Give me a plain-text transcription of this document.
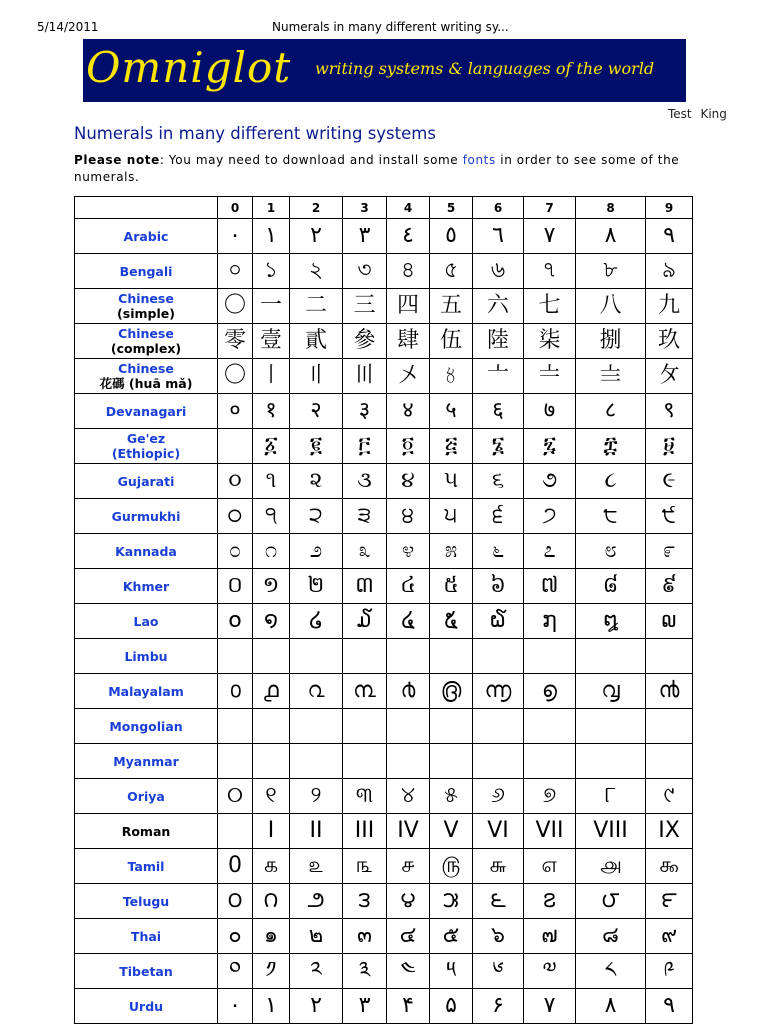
5/14/2011	Numerals in many different writing sy...
Omniglot writing systems & languages of the world
Test King
Numerals in many different writing systems
Please note: You may need to download and install some fonts in order to see some of the numerals.
	0	1	2	3	4	5	6	7	8	9

Arabic	٠	١	٢	٣	٤	٥	٦	٧	٨	٩

Bengali	০	১	২	৩	৪	৫	৬	৭	৮	৯

Chinese
(simple)	〇	一	二	三	四	五	六	七	八	九

Chinese
(complex)	零	壹	貳	參	肆	伍	陸	柒	捌	玖

Chinese
花碼 (huā mǎ)	〇	〡	〢	〣	〤	〥	〦	〧	〨	〩

Devanagari	०	१	२	३	४	५	६	७	८	९

Ge'ez
(Ethiopic)		፩	፪	፫	፬	፭	፮	፯	፰	፱

Gujarati	૦	૧	૨	૩	૪	૫	૬	૭	૮	૯

Gurmukhi	੦	੧	੨	੩	੪	੫	੬	੭	੮	੯

Kannada	೦	೧	೨	೩	೪	೫	೬	೭	೮	೯

Khmer	០	១	២	៣	៤	៥	៦	៧	៨	៩

Lao	໐	໑	໒	໓	໔	໕	໖	໗	໘	໙

Limbu										

Malayalam	൦	൧	൨	൩	൪	൫	൬	൭	൮	൯

Mongolian										

Myanmar										

Oriya	୦	୧	୨	୩	୪	୫	୬	୭	୮	୯

Roman		I	II	III	IV	V	VI	VII	VIII	IX

Tamil	0	௧	௨	௩	௪	௫	௬	௭	௮	௯

Telugu	౦	౧	౨	౩	౪	౫	౬	౭	౮	౯

Thai	๐	๑	๒	๓	๔	๕	๖	๗	๘	๙

Tibetan	༠	༡	༢	༣	༤	༥	༦	༧	༨	༩

Urdu	۰	۱	۲	۳	۴	۵	۶	۷	۸	۹
